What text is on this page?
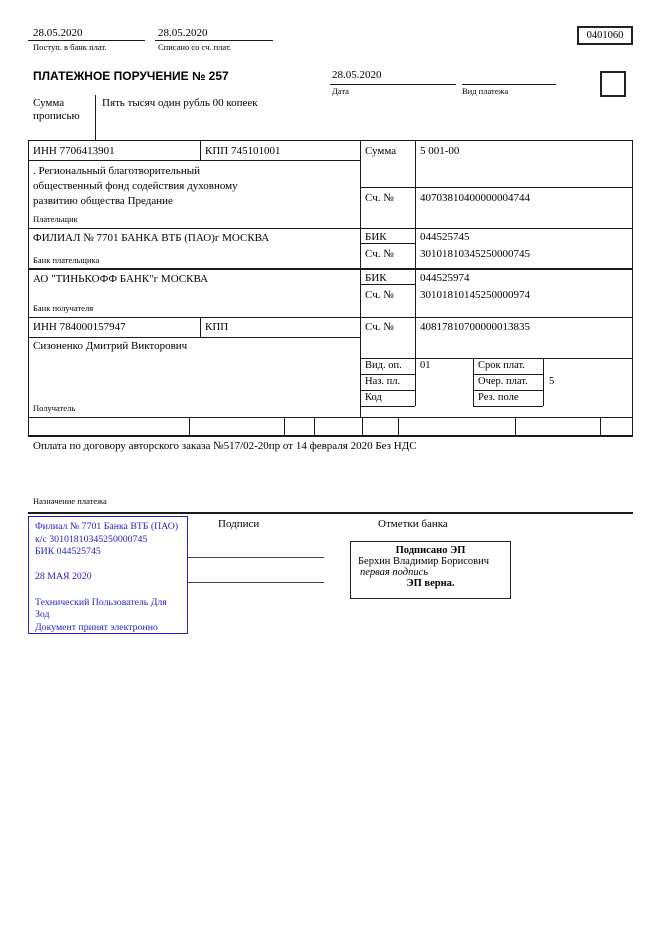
28.05.2020
Поступ. в банк плат.
28.05.2020
Списано со сч. плат.
0401060
ПЛАТЕЖНОЕ ПОРУЧЕНИЕ № 257	28.05.2020
Дата	Вид платежа
Сумма
прописью
Пять тысяч один рубль 00 копеек
ИНН 7706413901	КПП 745101001	Сумма 5 001-00
. Региональный благотворительный
общественный фонд содействия духовному
развитию общества Предание	Сч. № 40703810400000004744
Плательщик
ФИЛИАЛ № 7701 БАНКА ВТБ (ПАО)г МОСКВА	БИК	044525745
Сч. № 30101810345250000745
Банк плательщика
АО "ТИНЬКОФФ БАНК"г МОСКВА	БИК	044525974
Сч. № 30101810145250000974
Банк получателя
ИНН 784000157947	КПП	Сч. № 40817810700000013835
Сизоненко Дмитрий Викторович
Получатель
Вид. оп. 01	Срок плат.
Наз. пл.	Очер. плат. 5
Код	Рез. поле
Оплата по договору авторского заказа №517/02-20пр от 14 февраля 2020 Без НДС
Назначение платежа
Подписи	Отметки банка
Филиал № 7701 Банка ВТБ (ПАО)
к/с 30101810345250000745
БИК 044525745
28 МАЯ 2020
Технический Пользователь Для
Зод
Документ принят электронно
Подписано ЭП
Берхин Владимир Борисович
первая подпись
ЭП верна.
